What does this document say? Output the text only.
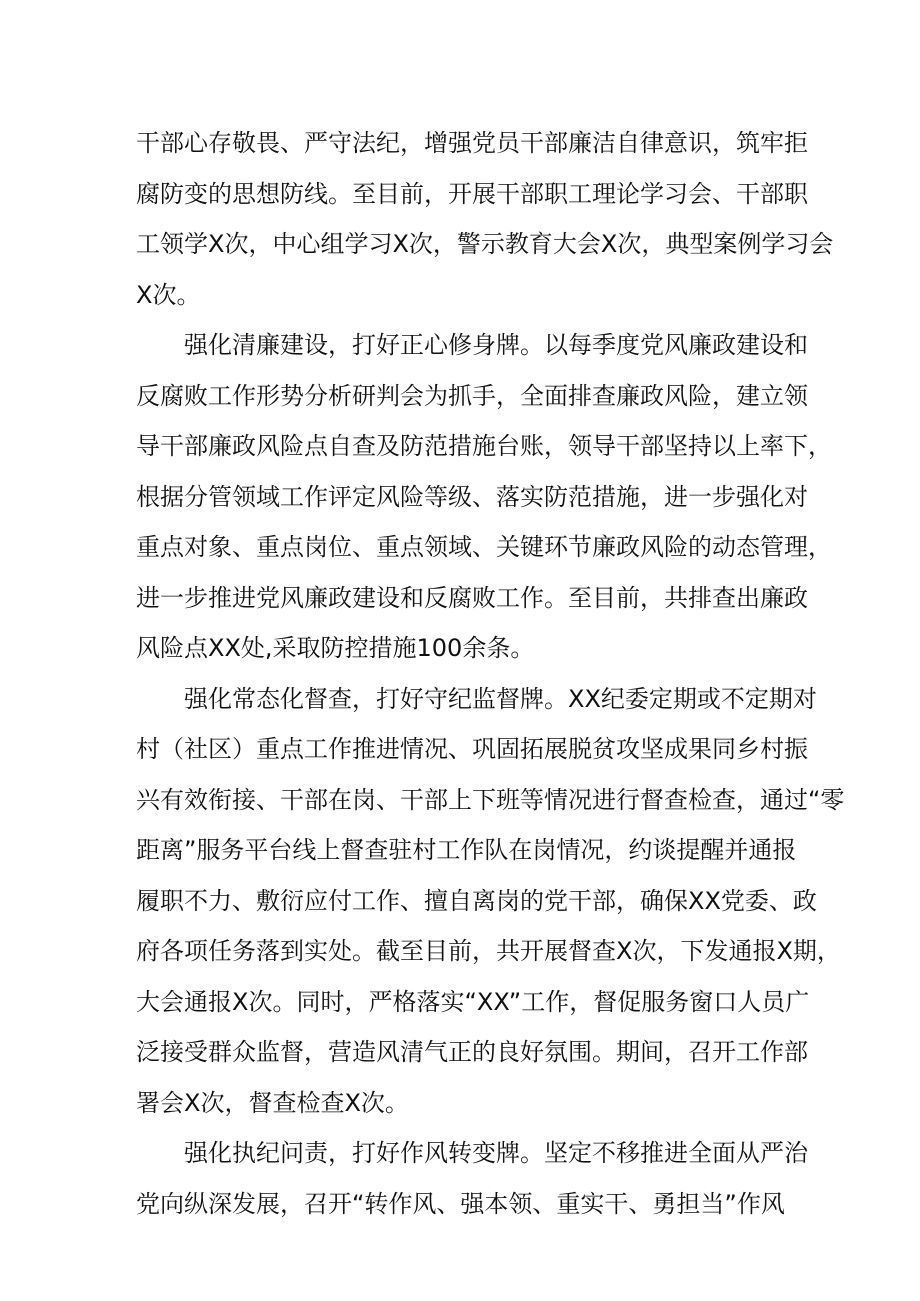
干部心存敬畏、严守法纪，增强党员干部廉洁自律意识，筑牢拒
腐防变的思想防线。至目前，开展干部职工理论学习会、干部职
工领学X次，中心组学习X次，警示教育大会X次，典型案例学习会
X次。
强化清廉建设，打好正心修身牌。以每季度党风廉政建设和
反腐败工作形势分析研判会为抓手，全面排查廉政风险，建立领
导干部廉政风险点自查及防范措施台账，领导干部坚持以上率下，
根据分管领域工作评定风险等级、落实防范措施，进一步强化对
重点对象、重点岗位、重点领域、关键环节廉政风险的动态管理，
进一步推进党风廉政建设和反腐败工作。至目前，共排查出廉政
风险点XX处,采取防控措施100余条。
强化常态化督查，打好守纪监督牌。XX纪委定期或不定期对
村（社区）重点工作推进情况、巩固拓展脱贫攻坚成果同乡村振
兴有效衔接、干部在岗、干部上下班等情况进行督查检查，通过“零
距离”服务平台线上督查驻村工作队在岗情况，约谈提醒并通报
履职不力、敷衍应付工作、擅自离岗的党干部，确保XX党委、政
府各项任务落到实处。截至目前，共开展督查X次，下发通报X期，
大会通报X次。同时，严格落实“XX”工作，督促服务窗口人员广
泛接受群众监督，营造风清气正的良好氛围。期间，召开工作部
署会X次，督查检查X次。
强化执纪问责，打好作风转变牌。坚定不移推进全面从严治
党向纵深发展，召开“转作风、强本领、重实干、勇担当”作风
